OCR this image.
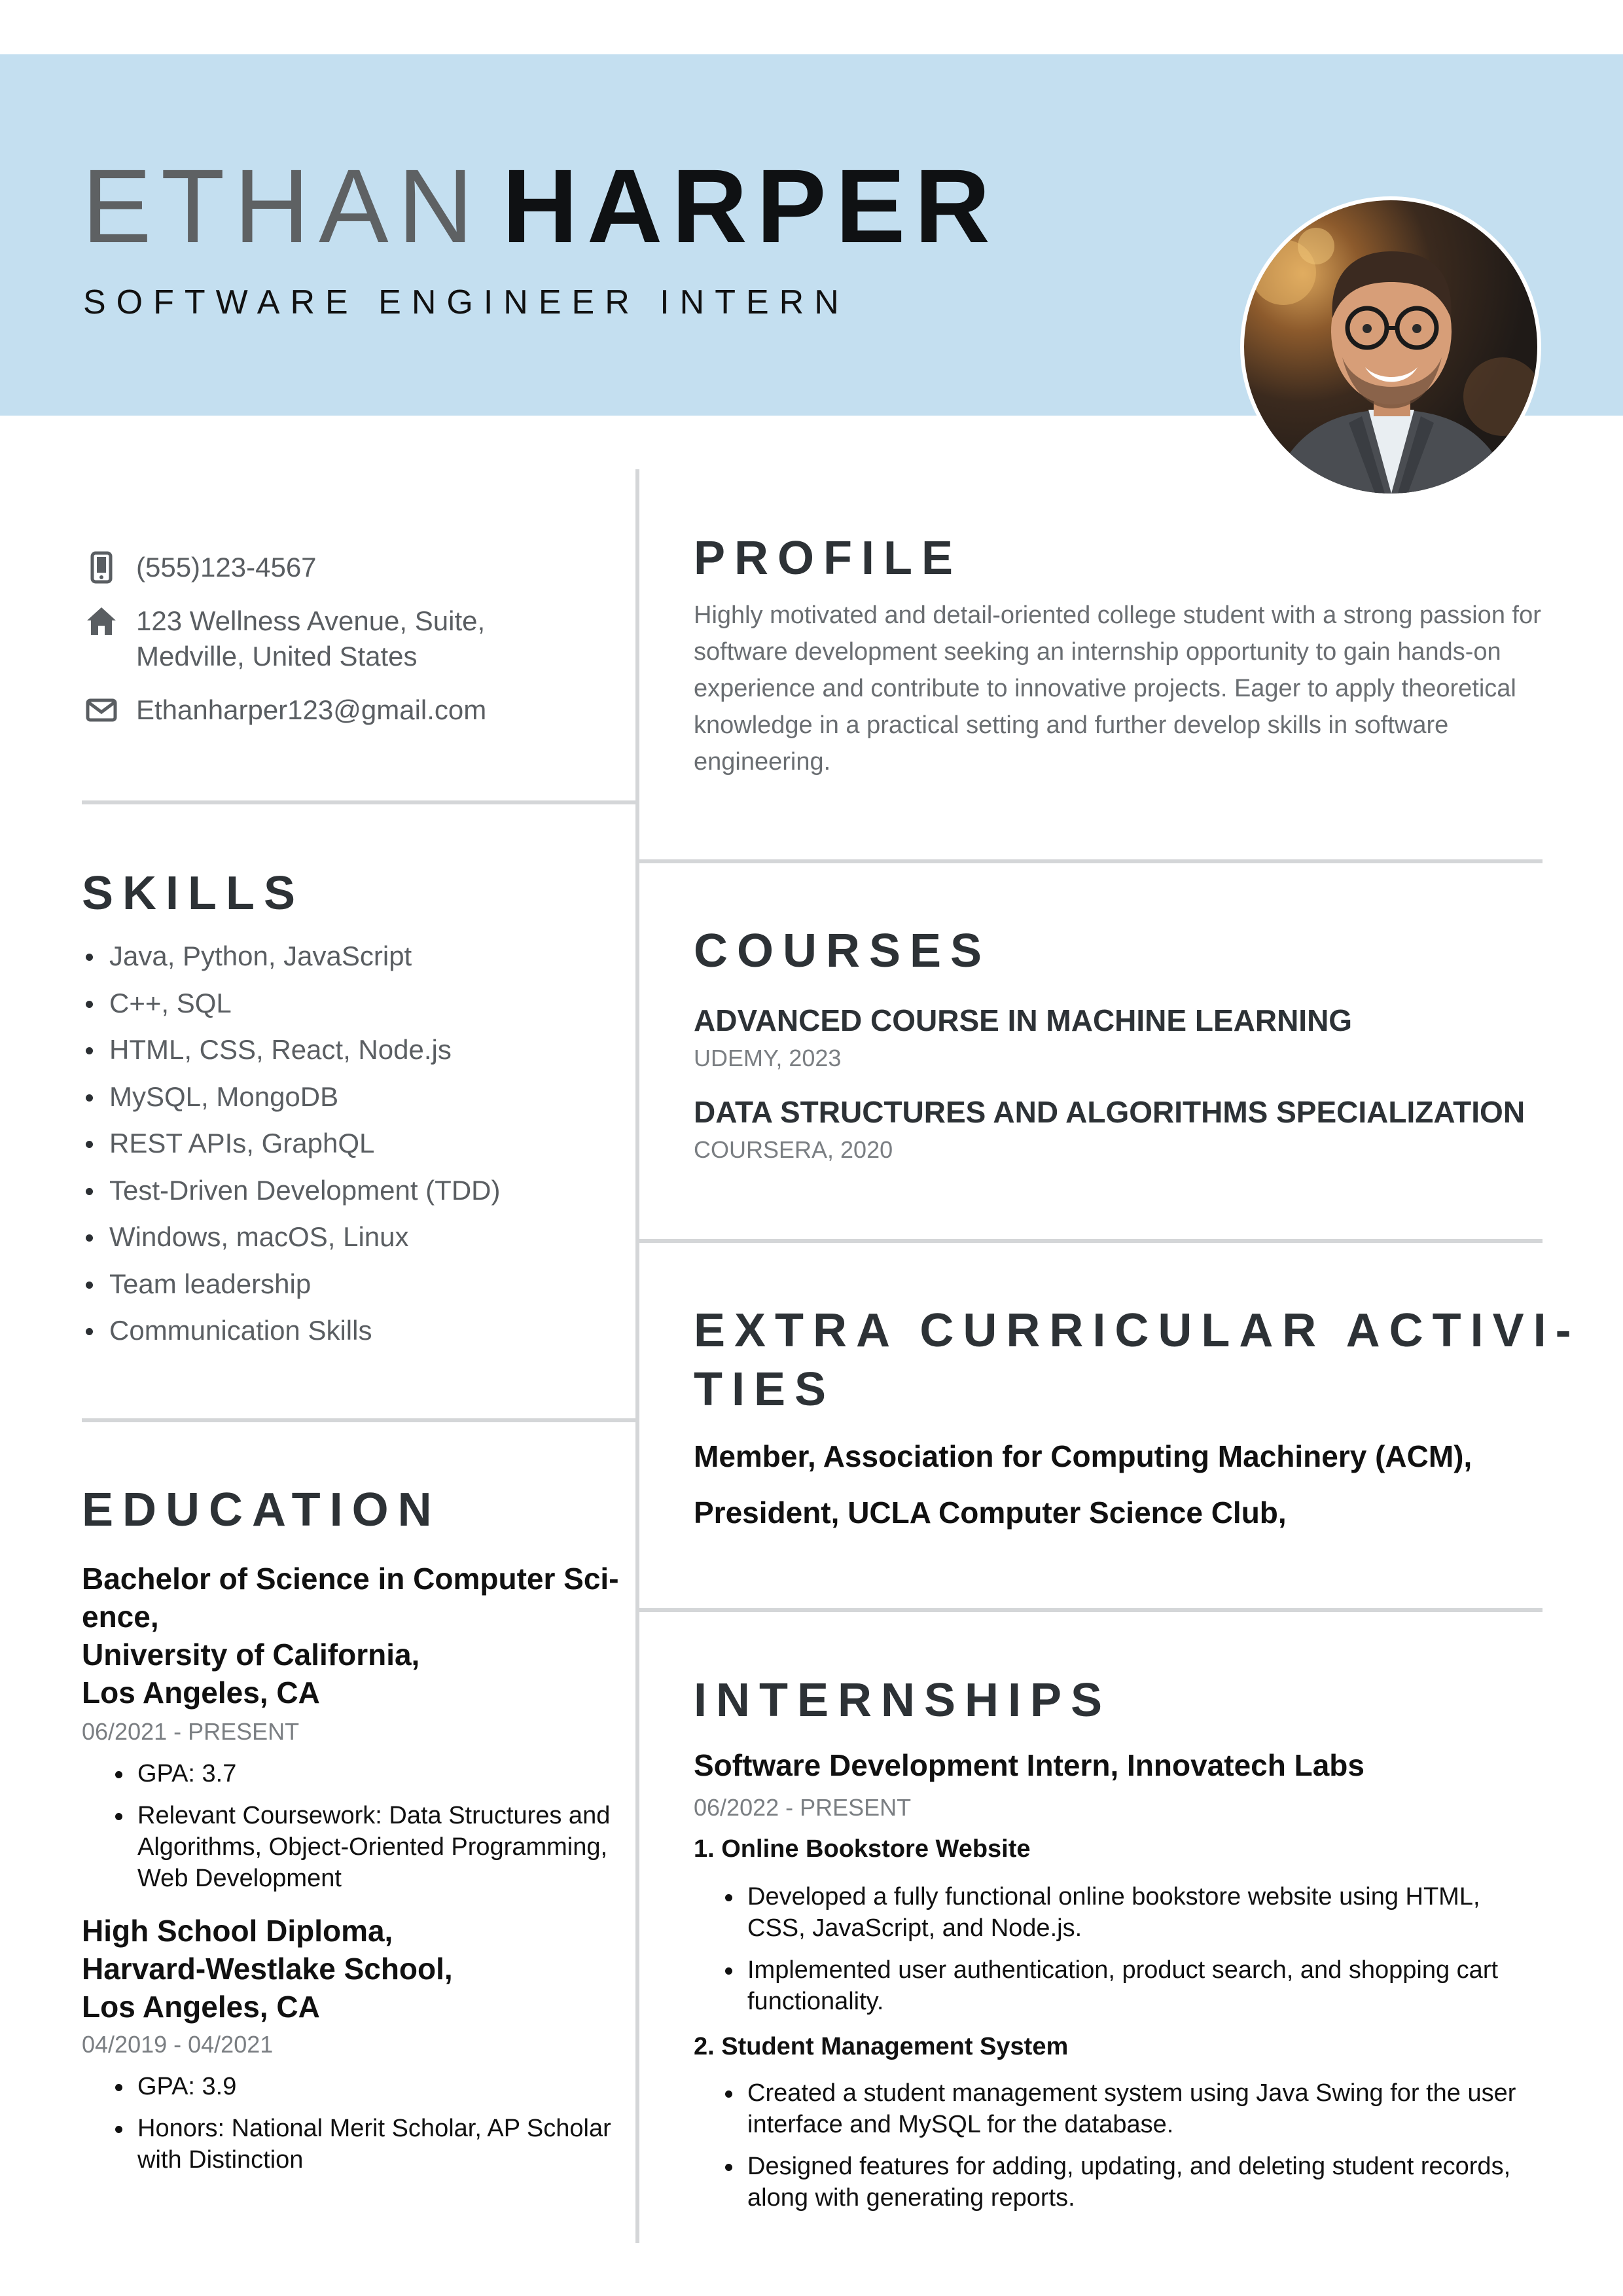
ETHAN HARPER
SOFTWARE ENGINEER INTERN
(555)123-4567
123 Wellness Avenue, Suite,
Medville, United States
Ethanharper123@gmail.com
SKILLS
Java, Python, JavaScript
C++, SQL
HTML, CSS, React, Node.js
MySQL, MongoDB
REST APIs, GraphQL
Test-Driven Development (TDD)
Windows, macOS, Linux
Team leadership
Communication Skills
EDUCATION
Bachelor of Science in Computer Sci-
ence,
University of California,
Los Angeles, CA
06/2021 - PRESENT
GPA: 3.7
Relevant Coursework: Data Structures and Algorithms, Object-Oriented Programming, Web Development
High School Diploma,
Harvard-Westlake School,
Los Angeles, CA
04/2019 - 04/2021
GPA: 3.9
Honors: National Merit Scholar, AP Scholar with Distinction
PROFILE
Highly motivated and detail-oriented college student with a strong passion for software development seeking an internship opportunity to gain hands-on experience and contribute to innovative projects. Eager to apply theoretical knowledge in a practical setting and further develop skills in software engineering.
COURSES
ADVANCED COURSE IN MACHINE LEARNING
UDEMY, 2023
DATA STRUCTURES AND ALGORITHMS SPECIALIZATION
COURSERA, 2020
EXTRA CURRICULAR ACTIVI-
TIES
Member, Association for Computing Machinery (ACM),
President, UCLA Computer Science Club,
INTERNSHIPS
Software Development Intern, Innovatech Labs
06/2022 - PRESENT
1. Online Bookstore Website
Developed a fully functional online bookstore website using HTML, CSS, JavaScript, and Node.js.
Implemented user authentication, product search, and shopping cart functionality.
2. Student Management System
Created a student management system using Java Swing for the user interface and MySQL for the database.
Designed features for adding, updating, and deleting student records, along with generating reports.
